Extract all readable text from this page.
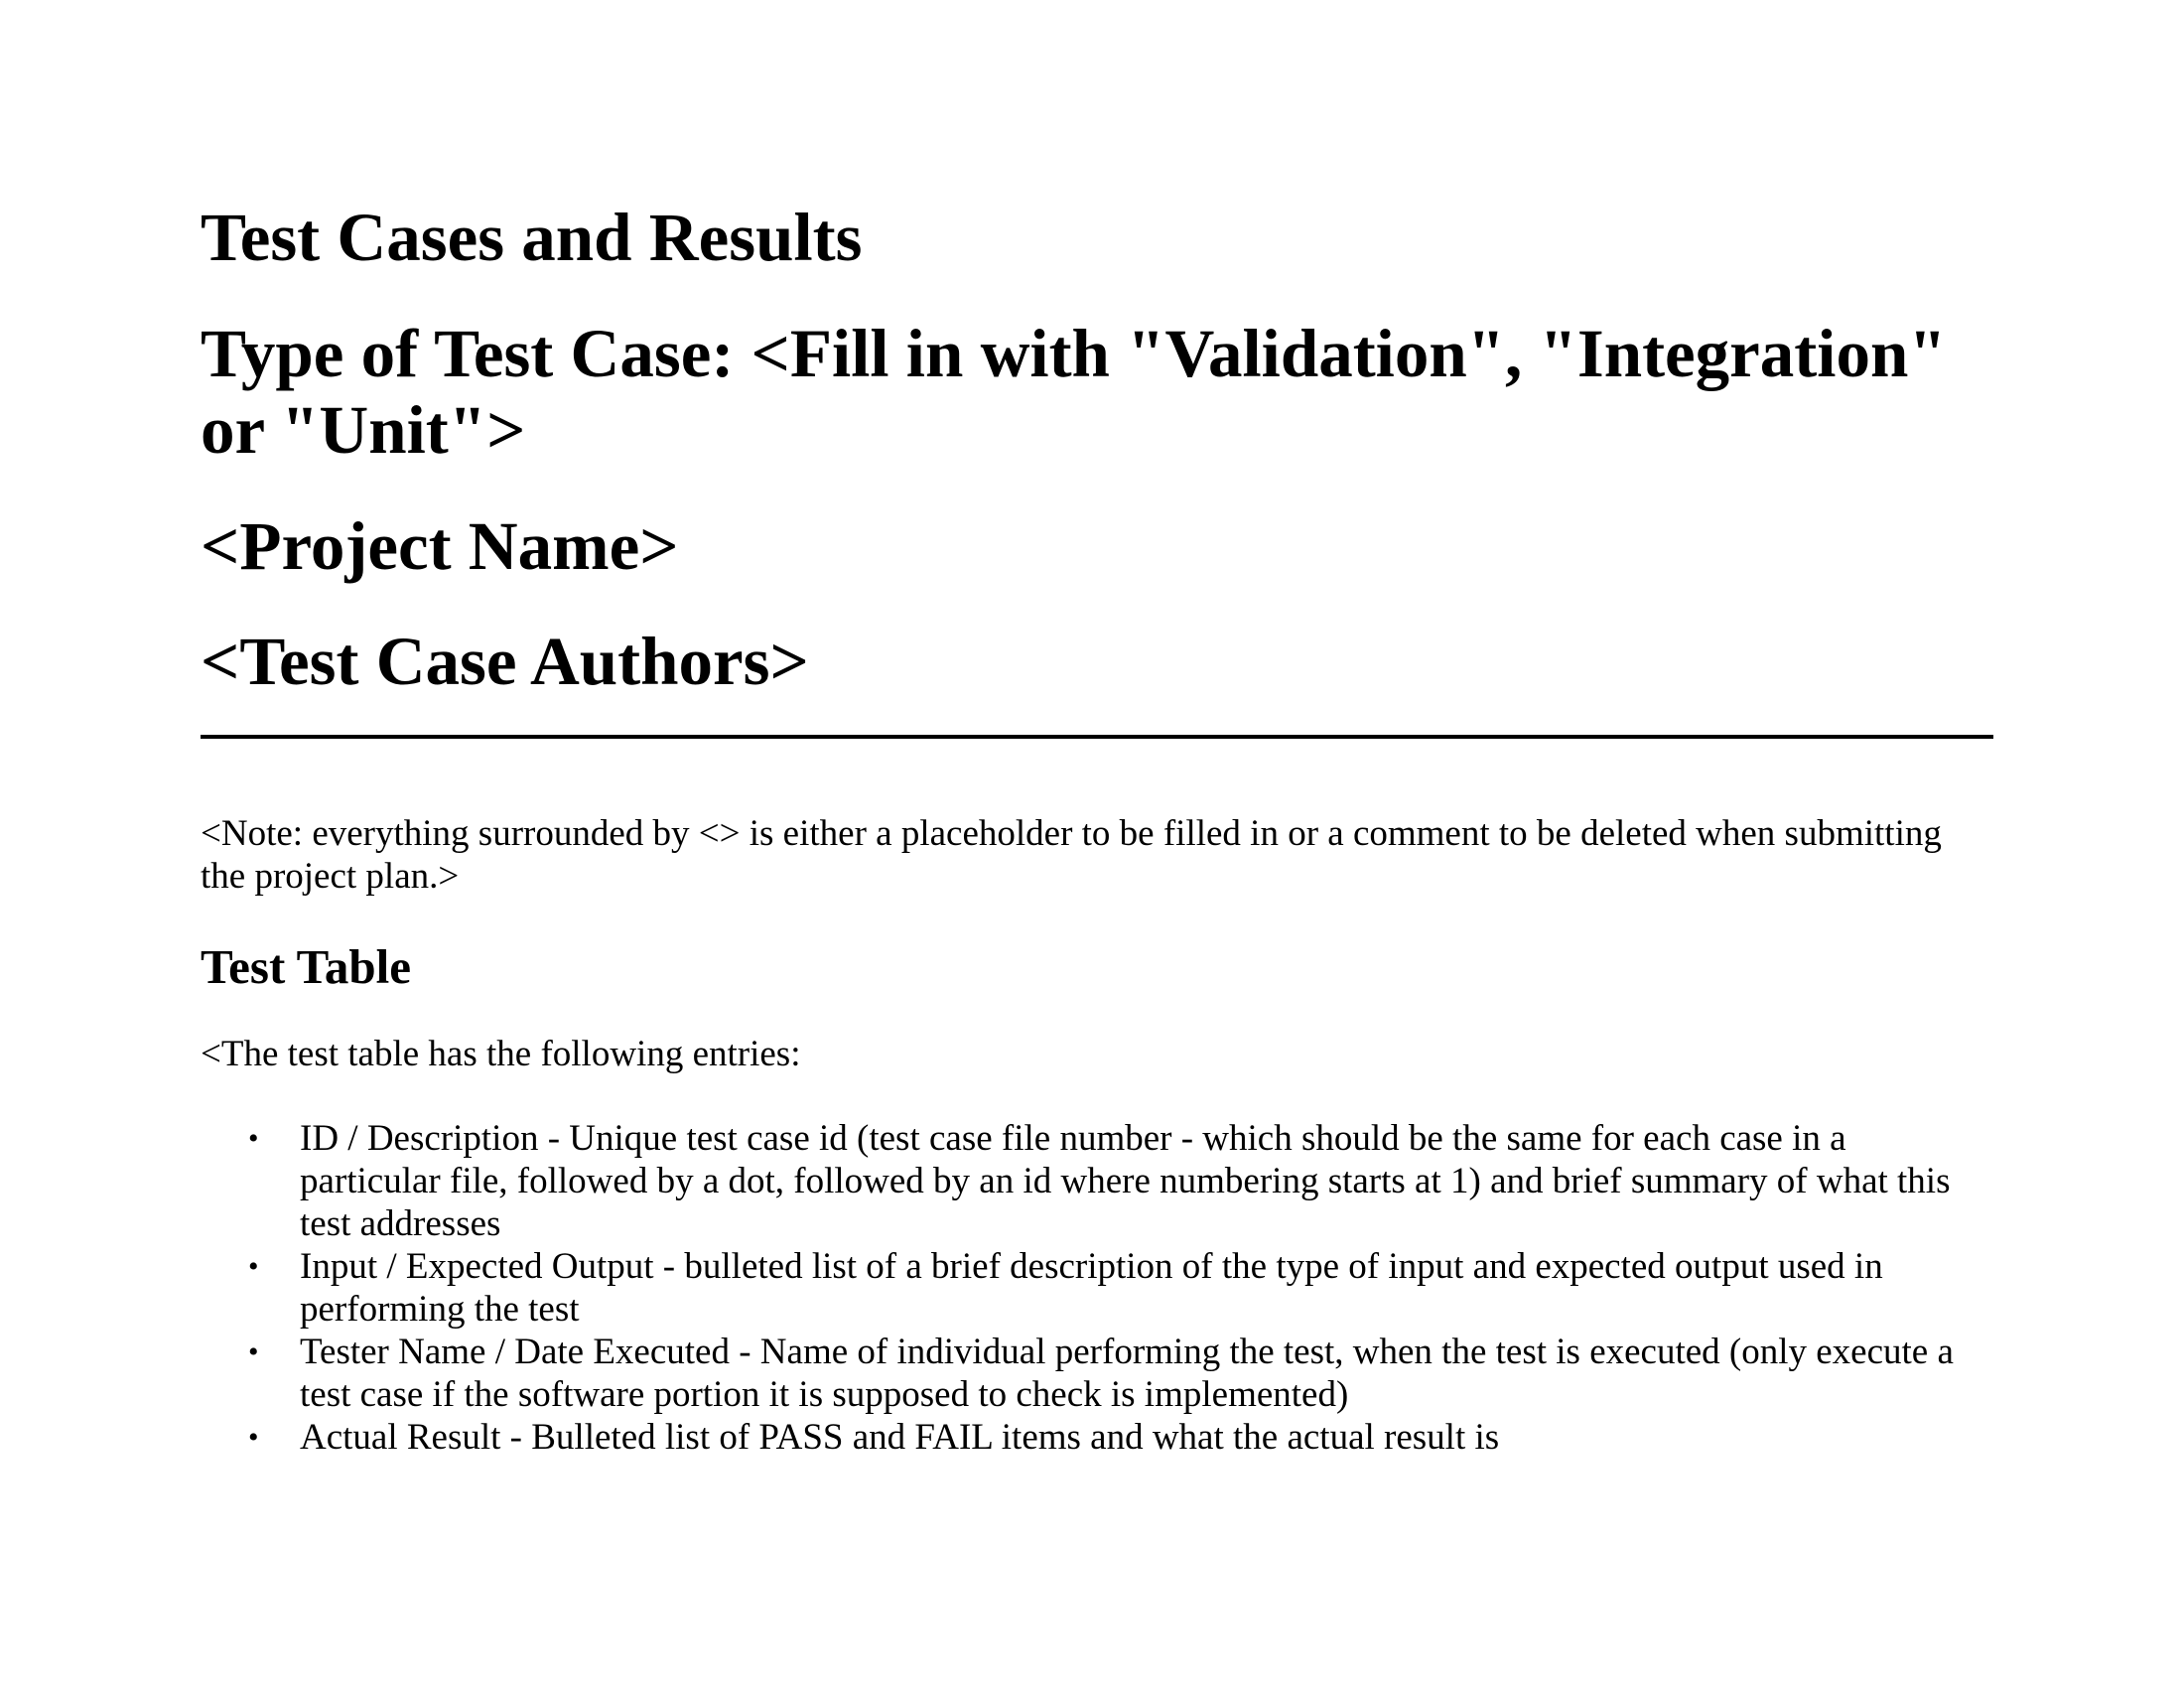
Test Cases and Results
Type of Test Case: <Fill in with "Validation", "Integration" or "Unit">
<Project Name>
<Test Case Authors>

<Note: everything surrounded by <> is either a placeholder to be filled in or a comment to be deleted when submitting the project plan.>

Test Table

<The test table has the following entries:

• ID / Description - Unique test case id (test case file number - which should be the same for each case in a particular file, followed by a dot, followed by an id where numbering starts at 1) and brief summary of what this test addresses
• Input / Expected Output - bulleted list of a brief description of the type of input and expected output used in performing the test
• Tester Name / Date Executed - Name of individual performing the test, when the test is executed (only execute a test case if the software portion it is supposed to check is implemented)
• Actual Result - Bulleted list of PASS and FAIL items and what the actual result is
